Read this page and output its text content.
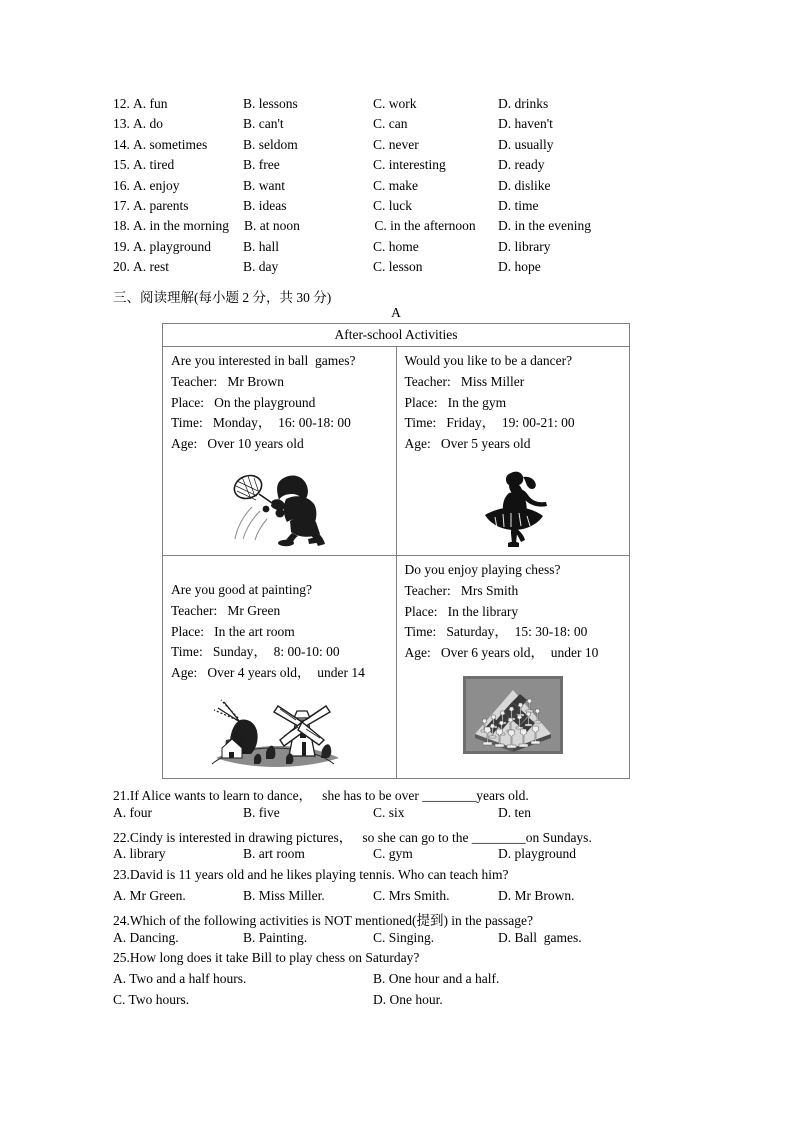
12. A. fun	B. lessons	C. work	D. drinks
13. A. do	B. can't	C. can	D. haven't
14. A. sometimes	B. seldom	C. never	D. usually
15. A. tired	B. free	C. interesting	D. ready
16. A. enjoy	B. want	C. make	D. dislike
17. A. parents	B. ideas	C. luck	D. time
18. A. in the morning B. at noon	C. in the afternoon D. in the evening
19. A. playground B. hall	C. home	D. library
20. A. rest	B. day	C. lesson	D. hope
三、阅读理解(每小题 2 分，共 30 分)
A
After-school Activities	

Are you interested in ball  games?
Teacher:   Mr Brown
Place:   On the playground
Time:   Monday，  16: 00-18: 00
Age:   Over 10 years old

Would you like to be a dancer?
Teacher:   Miss Miller
Place:   In the gym
Time:   Friday，  19: 00-21: 00
Age:   Over 5 years old

Are you good at painting?
Teacher:   Mr Green
Place:   In the art room
Time:   Sunday，  8: 00-10: 00
Age:   Over 4 years old，  under 14

Do you enjoy playing chess?
Teacher:   Mrs Smith
Place:   In the library
Time:   Saturday，  15: 30-18: 00
Age:   Over 6 years old，  under 10
21.If Alice wants to learn to dance，   she has to be over ________years old.

A. four

	B. five

	C. six

	D. ten

22.Cindy is interested in drawing pictures，   so she can go to the ________on Sundays.

A. library

	B. art room

	C. gym

	D. playground

23.David is 11 years old and he likes playing tennis. Who can teach him?

A. Mr Green.

	B. Miss Miller.

	C. Mrs Smith.

	D. Mr Brown.

24.Which of the following activities is NOT mentioned(提到) in the passage?

A. Dancing.

	B. Painting.

	C. Singing.

	D. Ball  games.

25.How long does it take Bill to play chess on Saturday?

A. Two and a half hours.

	B. One hour and a half.

C. Two hours.

	D. One hour.
